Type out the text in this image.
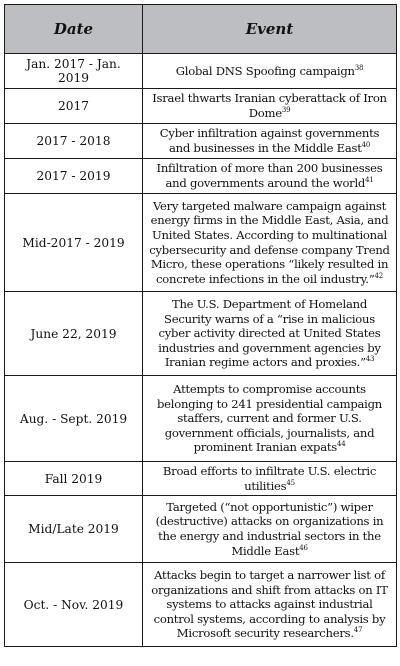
Date	Event
Jan. 2017 - Jan. 2019	Global DNS Spoofing campaign$^{38}$
2017	Israel thwarts Iranian cyberattack of Iron Dome$^{39}$
2017 - 2018	Cyber infiltration against governments and businesses in the Middle East$^{40}$
2017 - 2019	Infiltration of more than 200 businesses and governments around the world$^{41}$
Mid-2017 - 2019	Very targeted malware campaign against energy firms in the Middle East, Asia, and United States. According to multinational cybersecurity and defense company Trend Micro, these operations “likely resulted in concrete infections in the oil industry.”$^{42}$
June 22, 2019	The U.S. Department of Homeland Security warns of a “rise in malicious cyber activity directed at United States industries and government agencies by Iranian regime actors and proxies.”$^{43}$
Aug. - Sept. 2019	Attempts to compromise accounts belonging to 241 presidential campaign staffers, current and former U.S. government officials, journalists, and prominent Iranian expats$^{44}$
Fall 2019	Broad efforts to infiltrate U.S. electric utilities$^{45}$
Mid/Late 2019	Targeted (“not opportunistic”) wiper (destructive) attacks on organizations in the energy and industrial sectors in the Middle East$^{46}$
Oct. - Nov. 2019	Attacks begin to target a narrower list of organizations and shift from attacks on IT systems to attacks against industrial control systems, according to analysis by Microsoft security researchers.$^{47}$
